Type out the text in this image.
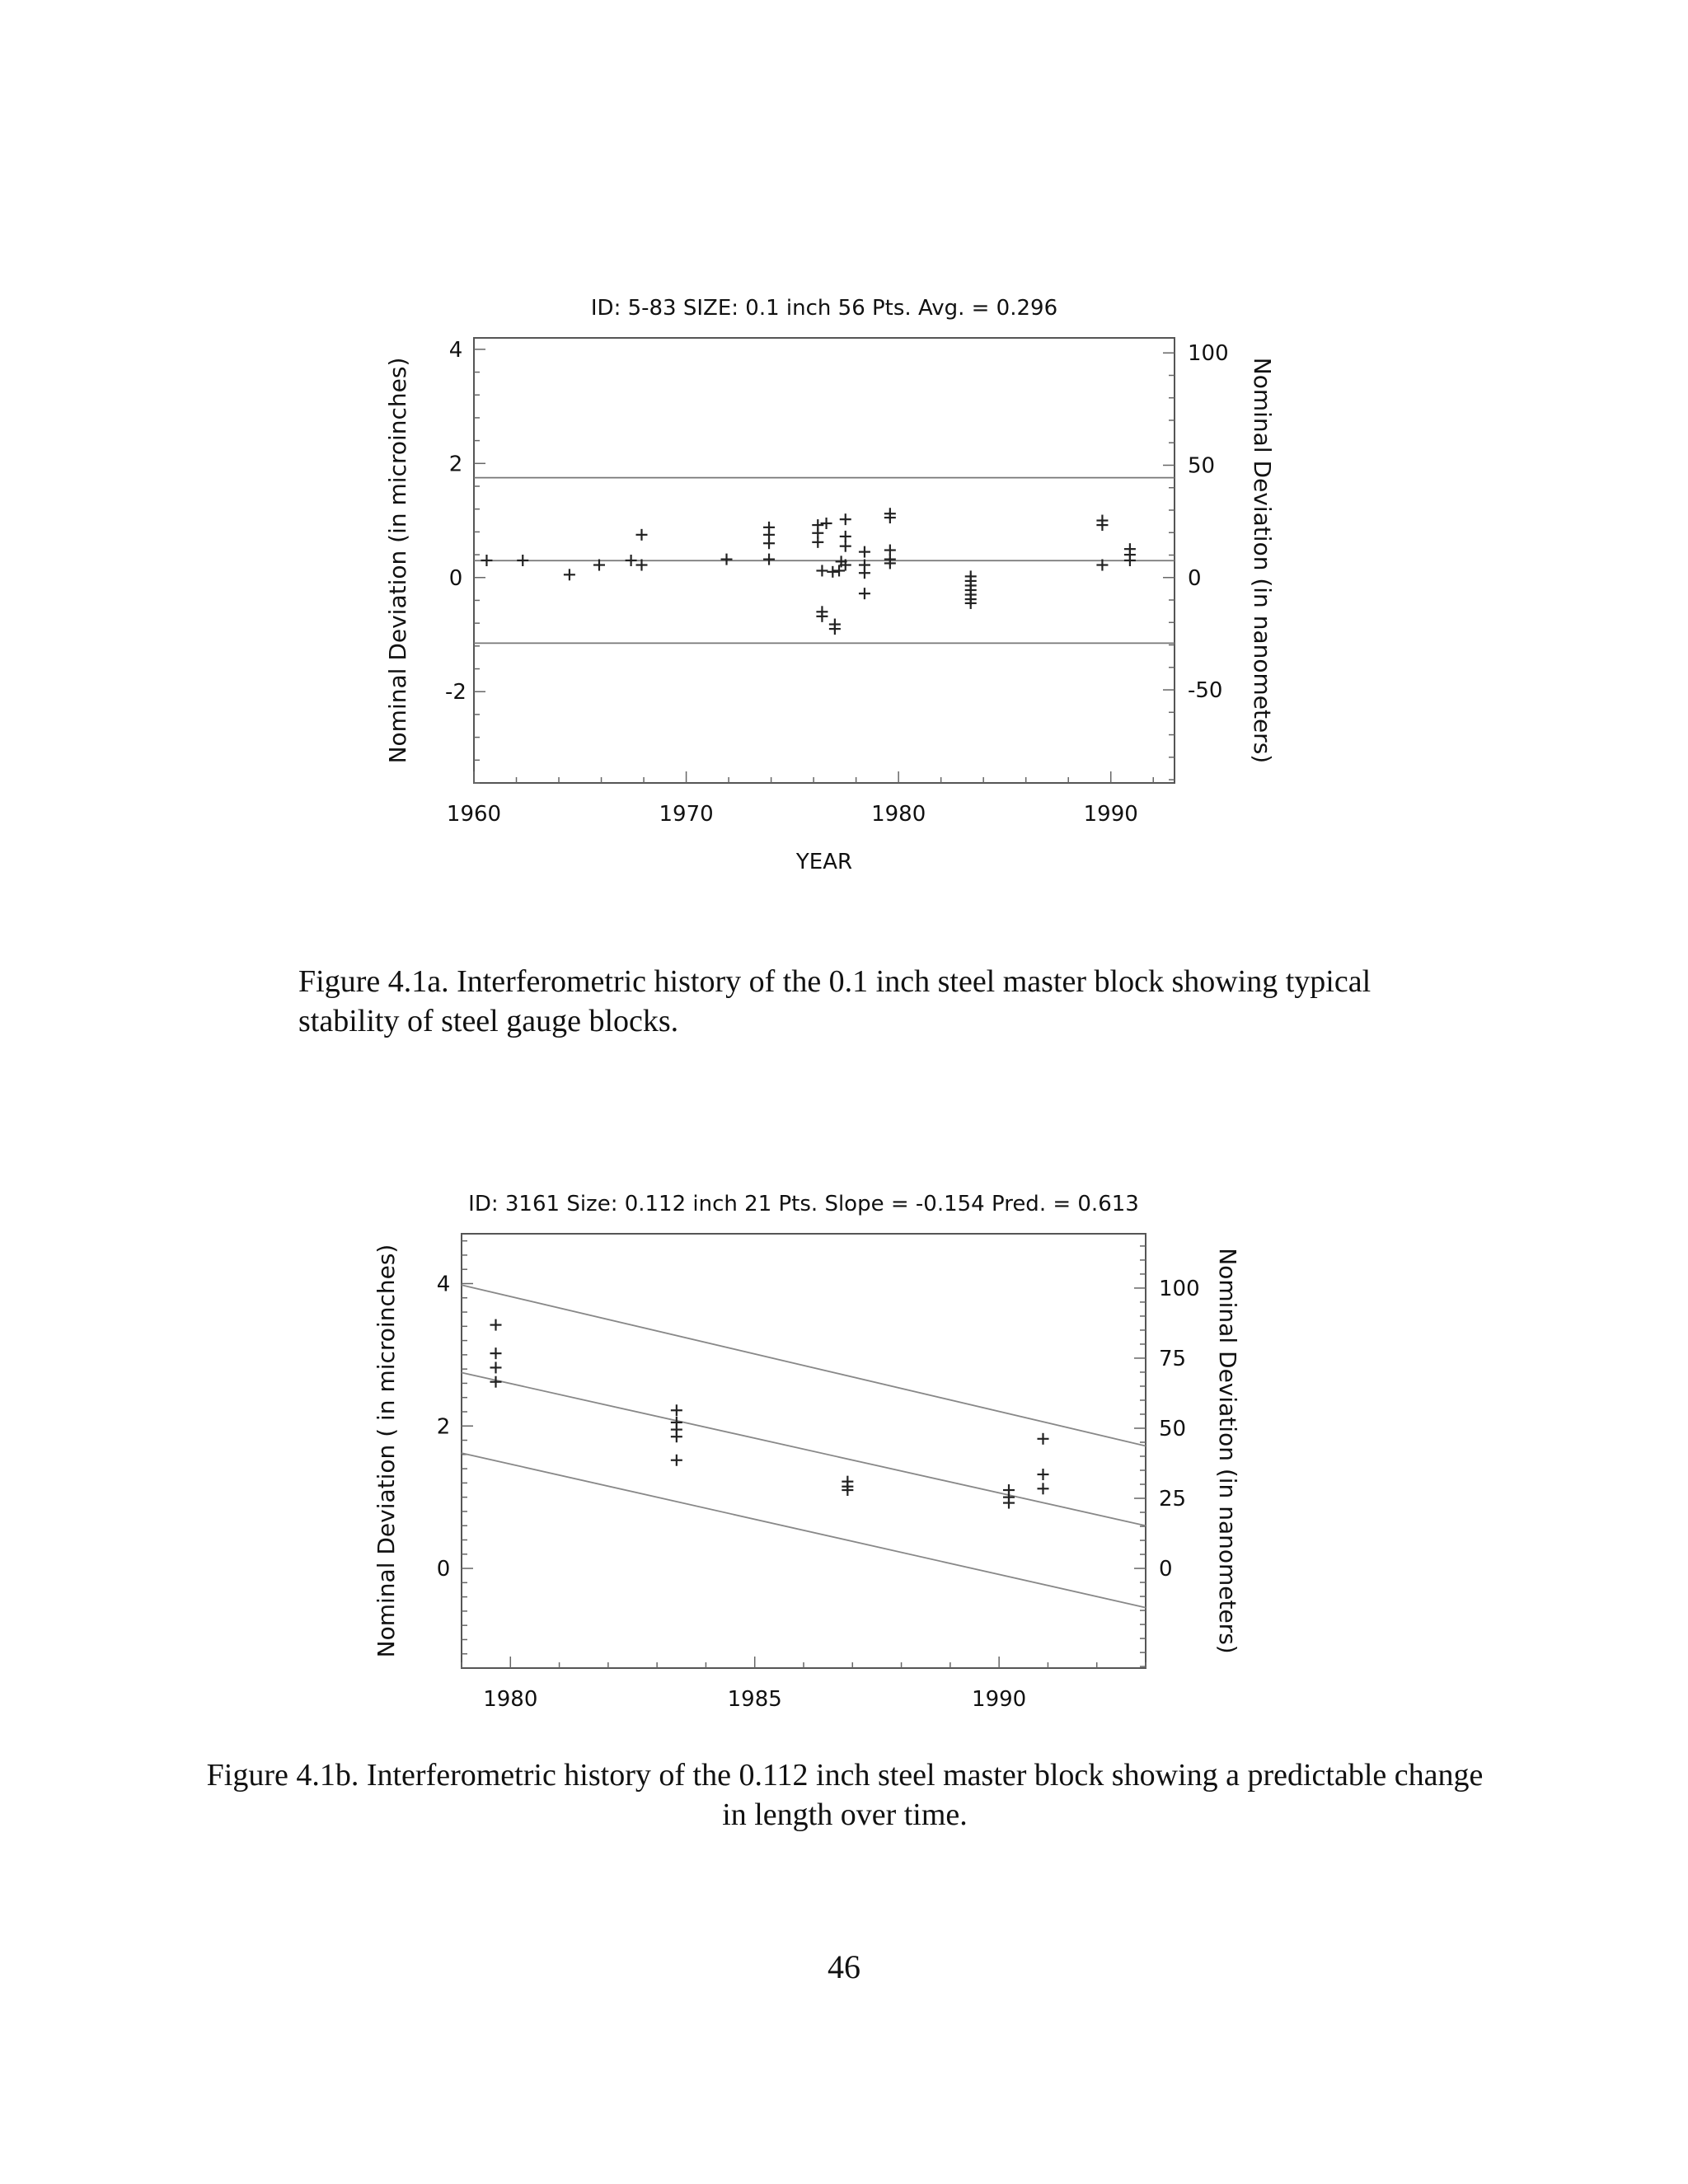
1960	1970	1980	1990
-2
0
2
4
-50
0
50
100
ID: 5-83 SIZE: 0.1 inch 56 Pts. Avg. = 0.296
YEAR
Nominal Deviation (in microinches)	Nominal Deviation (in nanometers)
1980	1985	1990
0
2
4
0
25
50
75
100
ID: 3161 Size: 0.112 inch 21 Pts. Slope = -0.154 Pred. = 0.613
Nominal Deviation ( in microinches)	Nominal Deviation (in nanometers)

Figure 4.1a. Interferometric history of the 0.1 inch steel master block showing typical stability of steel gauge blocks.

Figure 4.1b. Interferometric history of the 0.112 inch steel master block showing a predictable change in length over time.

46
